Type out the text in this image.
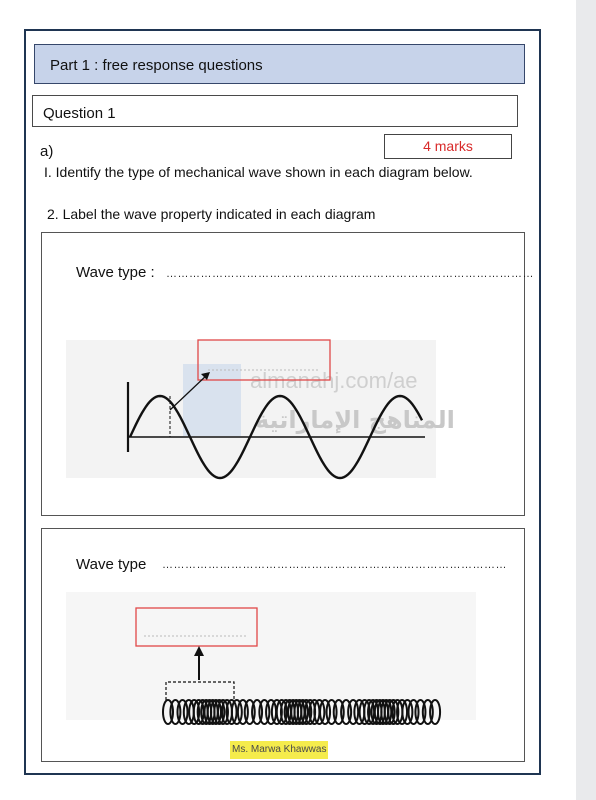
Part 1 : free response questions
Question 1
4 marks
a)
I. Identify the type of mechanical wave shown in each diagram below.
2. Label the wave property indicated in each diagram
Wave type : ……………………………………………………………………………………
Wave type ………………………………………………………………………………
almanahj.com/ae
ال‍م‍ن‍اه‍ج الإماراتية
Ms. Marwa Khawwas
